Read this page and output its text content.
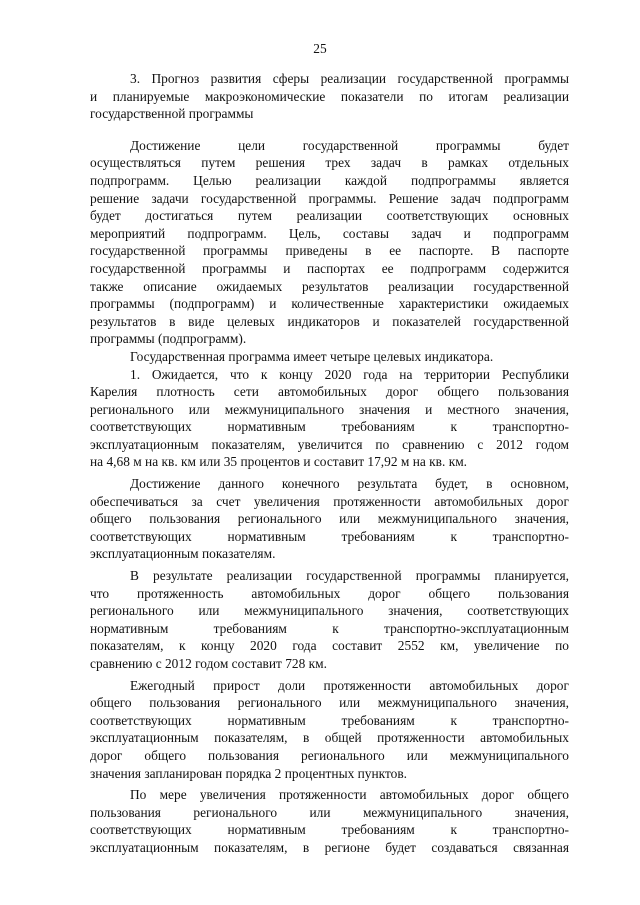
25
3. Прогноз развития сферы реализации государственной программы
и планируемые макроэкономические показатели по итогам реализации
государственной программы
Достижение цели государственной программы будет
осуществляться путем решения трех задач в рамках отдельных
подпрограмм. Целью реализации каждой подпрограммы является
решение задачи государственной программы. Решение задач подпрограмм
будет достигаться путем реализации соответствующих основных
мероприятий подпрограмм. Цель, составы задач и подпрограмм
государственной программы приведены в ее паспорте. В паспорте
государственной программы и паспортах ее подпрограмм содержится
также описание ожидаемых результатов реализации государственной
программы (подпрограмм) и количественные характеристики ожидаемых
результатов в виде целевых индикаторов и показателей государственной
программы (подпрограмм).
Государственная программа имеет четыре целевых индикатора.
1. Ожидается, что к концу 2020 года на территории Республики
Карелия плотность сети автомобильных дорог общего пользования
регионального или межмуниципального значения и местного значения,
соответствующих нормативным требованиям к транспортно-
эксплуатационным показателям, увеличится по сравнению с 2012 годом
на 4,68 м на кв. км или 35 процентов и составит 17,92 м на кв. км.
Достижение данного конечного результата будет, в основном,
обеспечиваться за счет увеличения протяженности автомобильных дорог
общего пользования регионального или межмуниципального значения,
соответствующих нормативным требованиям к транспортно-
эксплуатационным показателям.
В результате реализации государственной программы планируется,
что протяженность автомобильных дорог общего пользования
регионального или межмуниципального значения, соответствующих
нормативным требованиям к транспортно-эксплуатационным
показателям, к концу 2020 года составит 2552 км, увеличение по
сравнению с 2012 годом составит 728 км.
Ежегодный прирост доли протяженности автомобильных дорог
общего пользования регионального или межмуниципального значения,
соответствующих нормативным требованиям к транспортно-
эксплуатационным показателям, в общей протяженности автомобильных
дорог общего пользования регионального или межмуниципального
значения запланирован порядка 2 процентных пунктов.
По мере увеличения протяженности автомобильных дорог общего
пользования регионального или межмуниципального значения,
соответствующих нормативным требованиям к транспортно-
эксплуатационным показателям, в регионе будет создаваться связанная
